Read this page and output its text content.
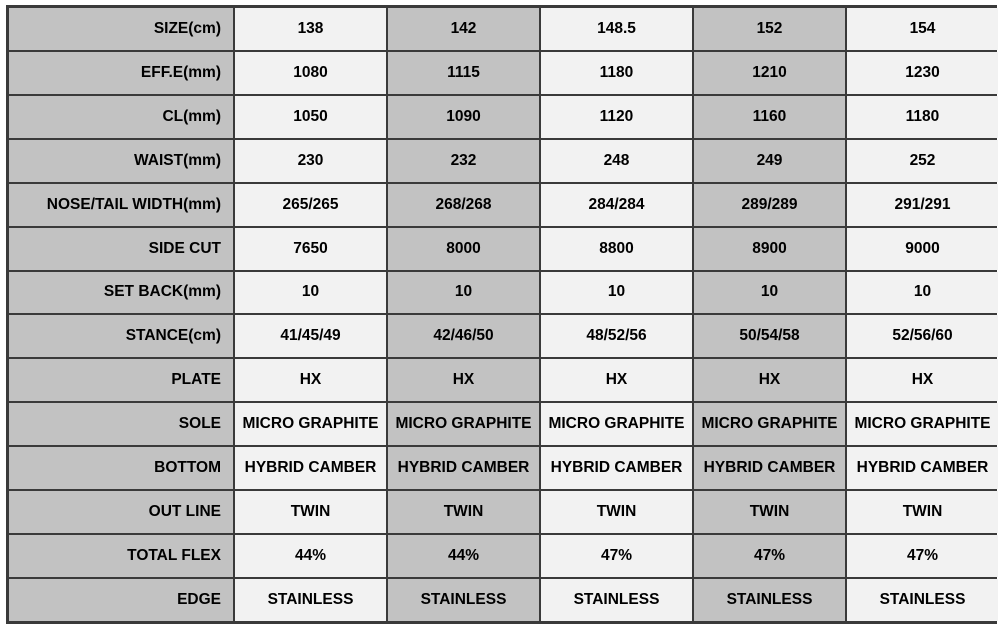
SIZE(cm)	138	142	148.5	152	154
EFF.E(mm)	1080	1115	1180	1210	1230
CL(mm)	1050	1090	1120	1160	1180
WAIST(mm)	230	232	248	249	252
NOSE/TAIL WIDTH(mm)	265/265	268/268	284/284	289/289	291/291
SIDE CUT	7650	8000	8800	8900	9000
SET BACK(mm)	10	10	10	10	10
STANCE(cm)	41/45/49	42/46/50	48/52/56	50/54/58	52/56/60
PLATE	HX	HX	HX	HX	HX
SOLE	MICRO GRAPHITE	MICRO GRAPHITE	MICRO GRAPHITE	MICRO GRAPHITE	MICRO GRAPHITE
BOTTOM	HYBRID CAMBER	HYBRID CAMBER	HYBRID CAMBER	HYBRID CAMBER	HYBRID CAMBER
OUT LINE	TWIN	TWIN	TWIN	TWIN	TWIN
TOTAL FLEX	44%	44%	47%	47%	47%
EDGE	STAINLESS	STAINLESS	STAINLESS	STAINLESS	STAINLESS
